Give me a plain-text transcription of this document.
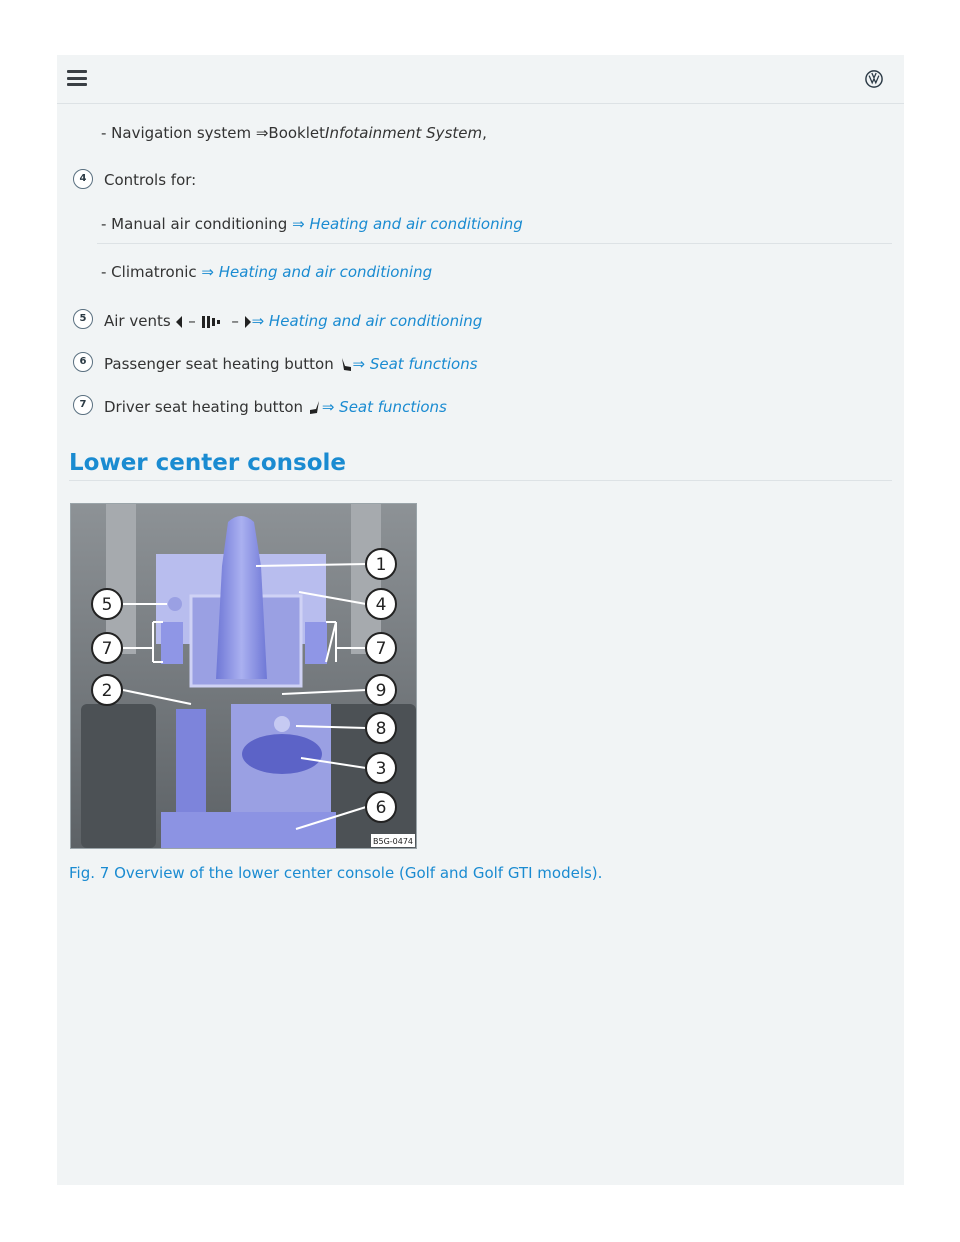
- Navigation system ⇒BookletInfotainment System,
4	Controls for:
- Manual air conditioning ⇒ Heating and air conditioning
- Climatronic ⇒ Heating and air conditioning
5	Air vents – – ⇒ Heating and air conditioning
6	Passenger seat heating button ⇒ Seat functions
7	Driver seat heating button ⇒ Seat functions
Lower center console
1
4
5
7	7
2	9
8
3
6
B5G-0474
Fig. 7 Overview of the lower center console (Golf and Golf GTI models).
